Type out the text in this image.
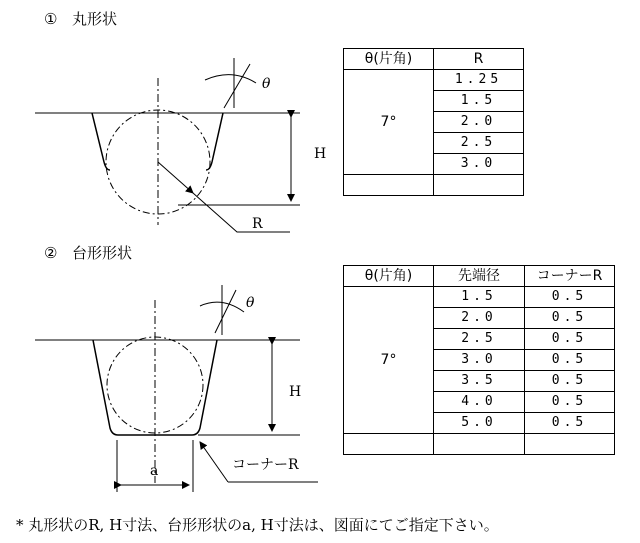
① 丸形状
② 台形形状
θ
H
R
θ
H
a	コーナーR
θ(片角)	R
7°	1.25
	1.5
	2.0
	2.5
	3.0

θ(片角)	先端径	コーナーR
7°	1.5	0.5
	2.0	0.5
	2.5	0.5
	3.0	0.5
	3.5	0.5
	4.0	0.5
	5.0	0.5

* 丸形状のR, H寸法、台形形状のa, H寸法は、図面にてご指定下さい。
